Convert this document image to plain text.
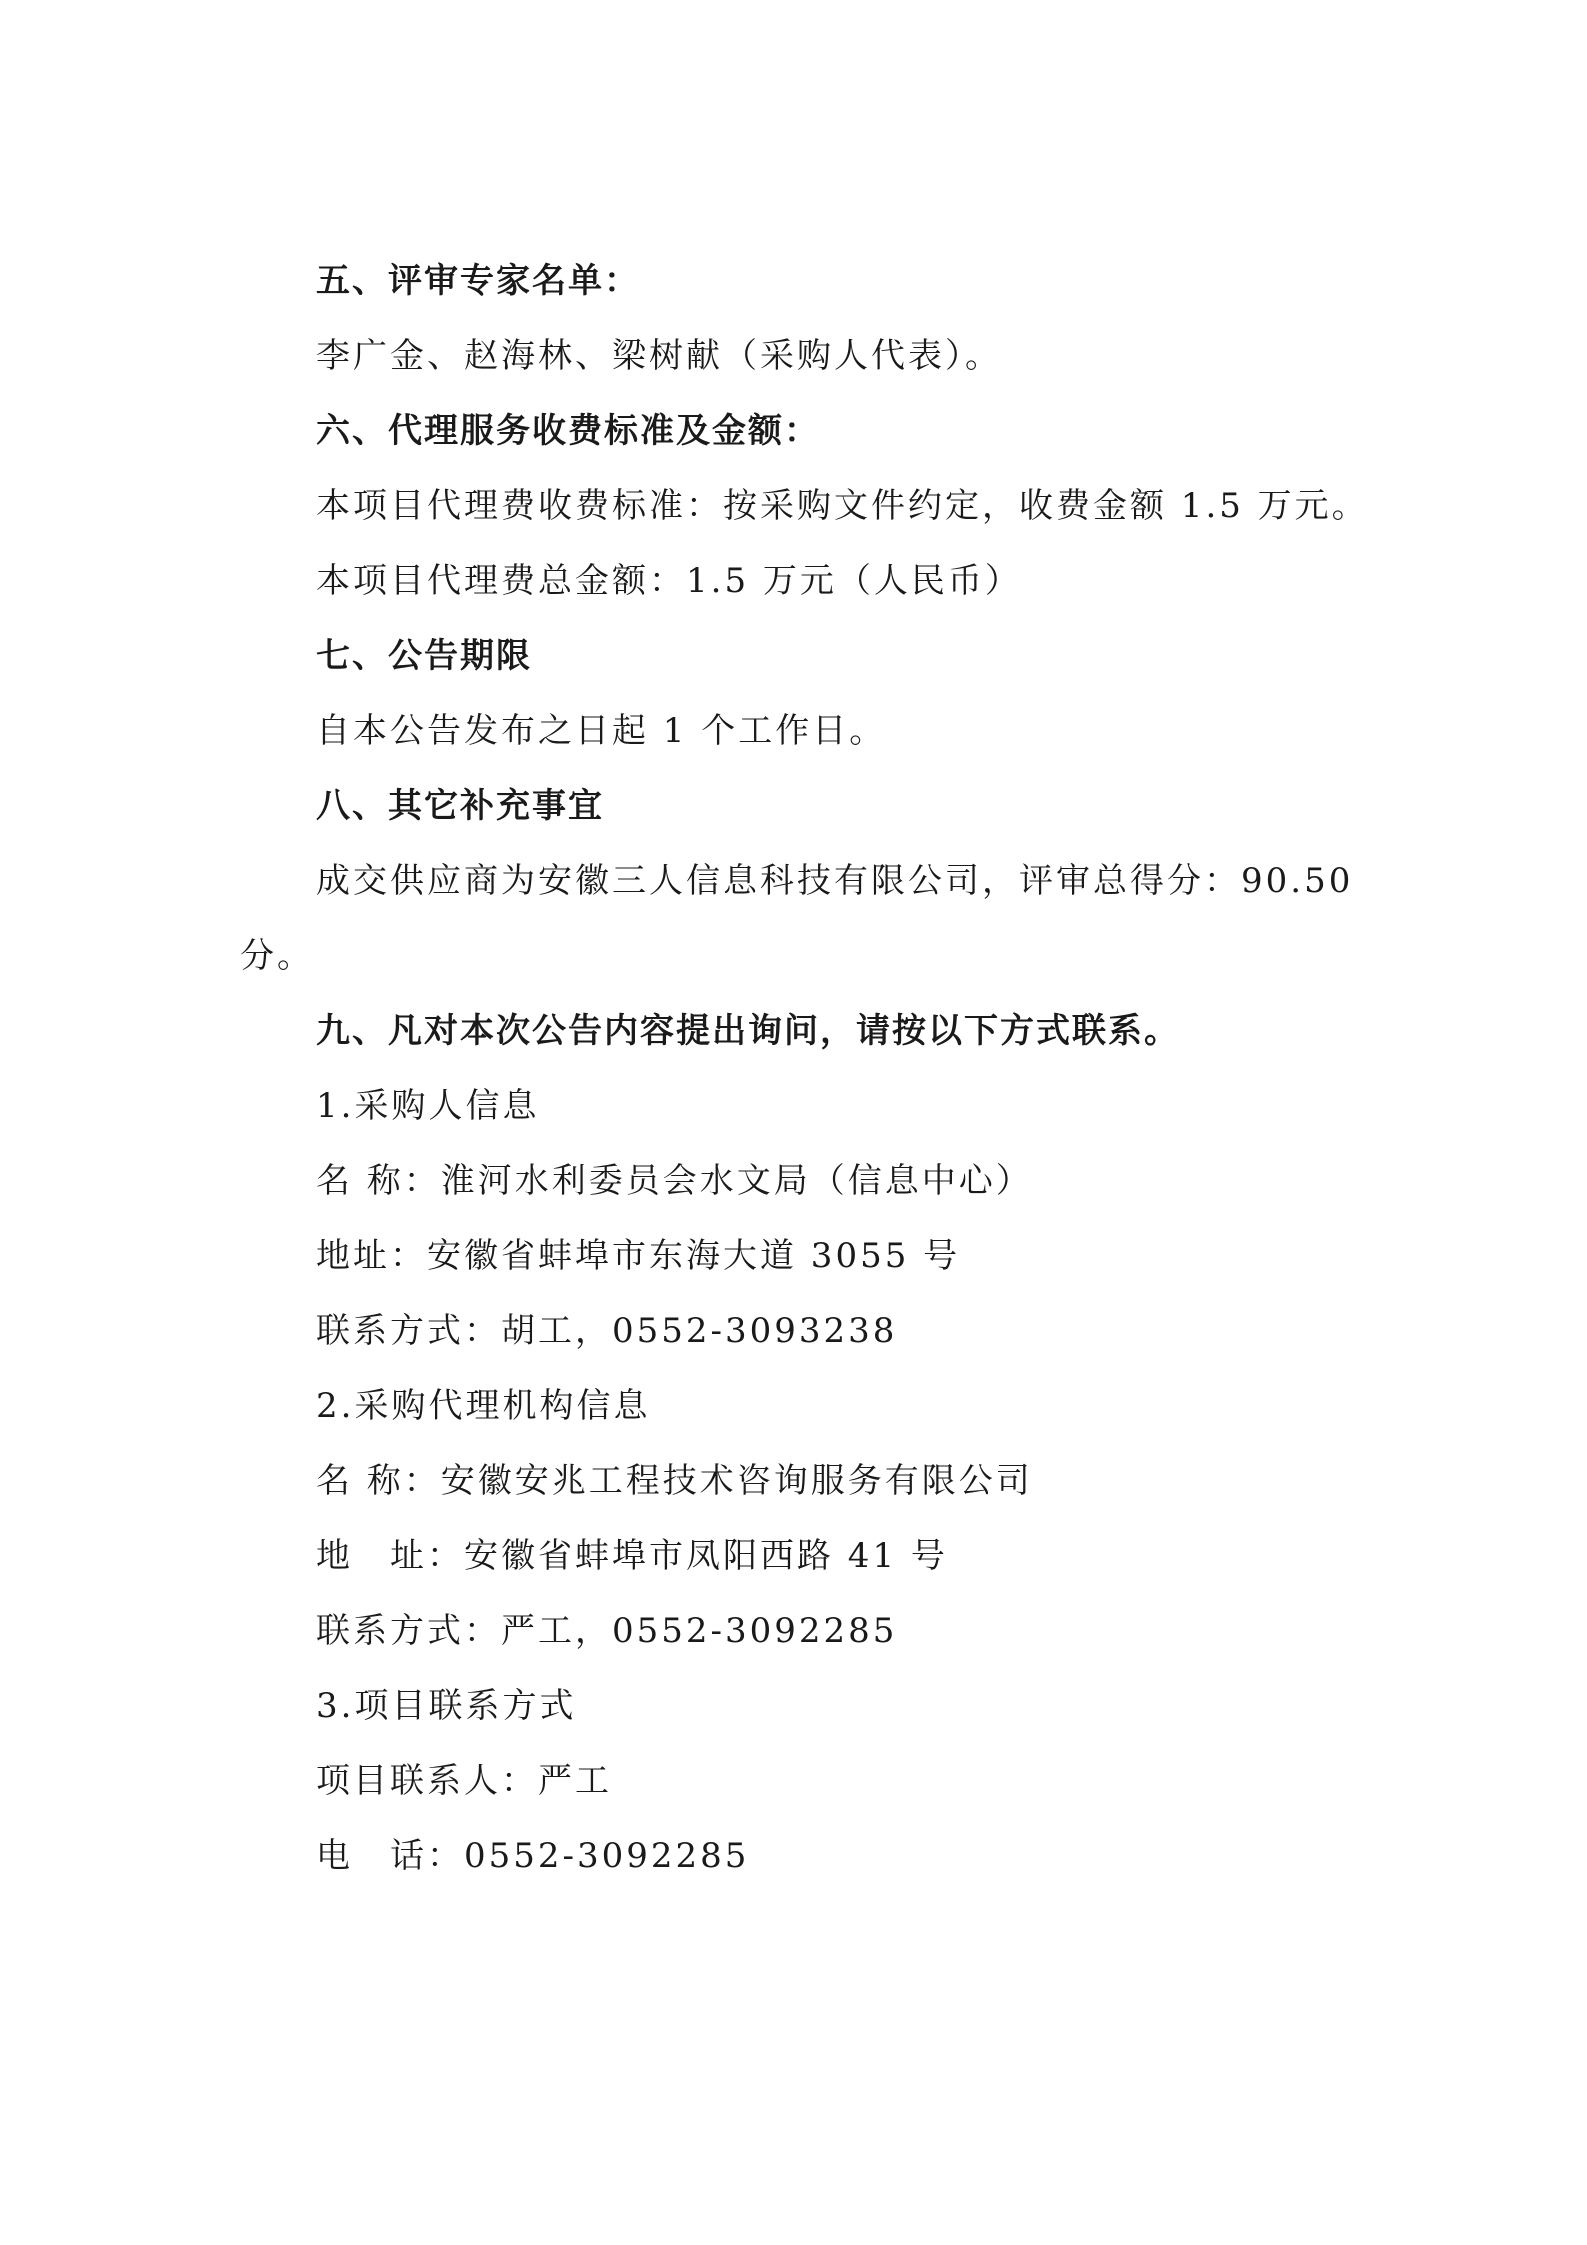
五、评审专家名单：
李广金、赵海林、梁树献（采购人代表）。
六、代理服务收费标准及金额：
本项目代理费收费标准：按采购文件约定，收费金额 1.5 万元。
本项目代理费总金额：1.5 万元（人民币）
七、公告期限
自本公告发布之日起 1 个工作日。
八、其它补充事宜
成交供应商为安徽三人信息科技有限公司，评审总得分：90.50
分。
九、凡对本次公告内容提出询问，请按以下方式联系。
1.采购人信息
名 称：淮河水利委员会水文局（信息中心）
地址：安徽省蚌埠市东海大道 3055 号
联系方式：胡工，0552-3093238
2.采购代理机构信息
名 称：安徽安兆工程技术咨询服务有限公司
地　址：安徽省蚌埠市凤阳西路 41 号
联系方式：严工，0552-3092285
3.项目联系方式
项目联系人：严工
电　话：0552-3092285
